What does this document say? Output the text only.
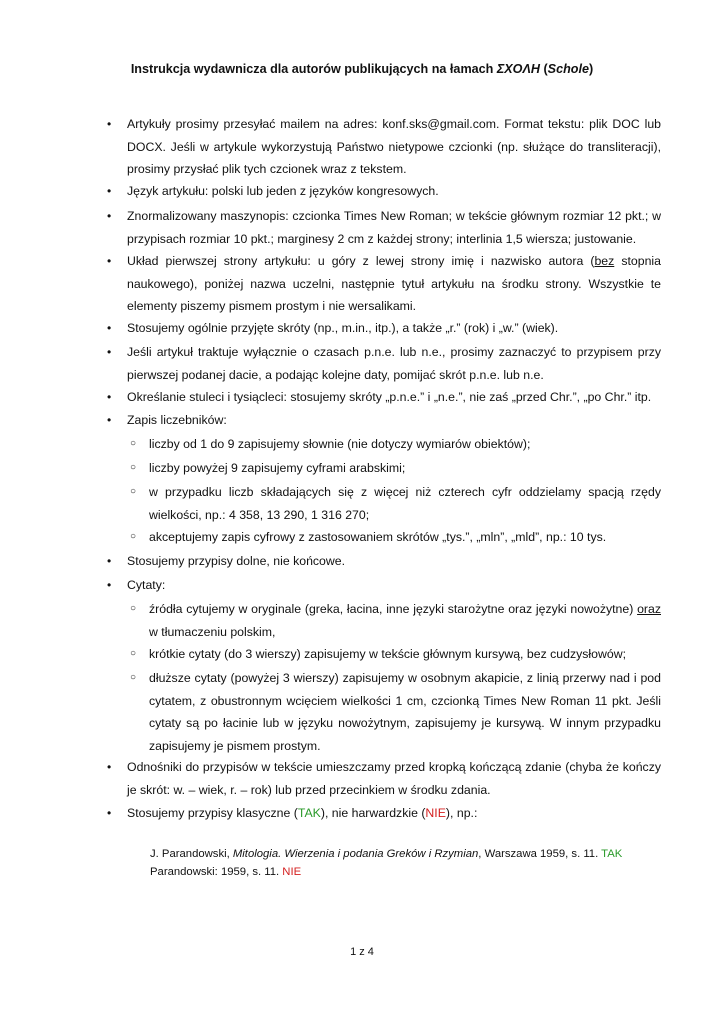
Instrukcja wydawnicza dla autorów publikujących na łamach ΣΧΟΛΗ (Schole)
• Artykuły prosimy przesyłać mailem na adres: konf.sks@gmail.com. Format tekstu: plik DOC lub DOCX. Jeśli w artykule wykorzystują Państwo nietypowe czcionki (np. służące do transliteracji), prosimy przysłać plik tych czcionek wraz z tekstem.
• Język artykułu: polski lub jeden z języków kongresowych.
• Znormalizowany maszynopis: czcionka Times New Roman; w tekście głównym rozmiar 12 pkt.; w przypisach rozmiar 10 pkt.; marginesy 2 cm z każdej strony; interlinia 1,5 wiersza; justowanie.
• Układ pierwszej strony artykułu: u góry z lewej strony imię i nazwisko autora (bez stopnia naukowego), poniżej nazwa uczelni, następnie tytuł artykułu na środku strony. Wszystkie te elementy piszemy pismem prostym i nie wersalikami.
• Stosujemy ogólnie przyjęte skróty (np., m.in., itp.), a także „r.” (rok) i „w.” (wiek).
• Jeśli artykuł traktuje wyłącznie o czasach p.n.e. lub n.e., prosimy zaznaczyć to przypisem przy pierwszej podanej dacie, a podając kolejne daty, pomijać skrót p.n.e. lub n.e.
• Określanie stuleci i tysiącleci: stosujemy skróty „p.n.e.” i „n.e.”, nie zaś „przed Chr.”, „po Chr.” itp.
• Zapis liczebników:
○ liczby od 1 do 9 zapisujemy słownie (nie dotyczy wymiarów obiektów);
○ liczby powyżej 9 zapisujemy cyframi arabskimi;
○ w przypadku liczb składających się z więcej niż czterech cyfr oddzielamy spacją rzędy wielkości, np.: 4 358, 13 290, 1 316 270;
○ akceptujemy zapis cyfrowy z zastosowaniem skrótów „tys.”, „mln”, „mld”, np.: 10 tys.
• Stosujemy przypisy dolne, nie końcowe.
• Cytaty:
○ źródła cytujemy w oryginale (greka, łacina, inne języki starożytne oraz języki nowożytne) oraz w tłumaczeniu polskim,
○ krótkie cytaty (do 3 wierszy) zapisujemy w tekście głównym kursywą, bez cudzysłowów;
○ dłuższe cytaty (powyżej 3 wierszy) zapisujemy w osobnym akapicie, z linią przerwy nad i pod cytatem, z obustronnym wcięciem wielkości 1 cm, czcionką Times New Roman 11 pkt. Jeśli cytaty są po łacinie lub w języku nowożytnym, zapisujemy je kursywą. W innym przypadku zapisujemy je pismem prostym.
• Odnośniki do przypisów w tekście umieszczamy przed kropką kończącą zdanie (chyba że kończy je skrót: w. – wiek, r. – rok) lub przed przecinkiem w środku zdania.
• Stosujemy przypisy klasyczne (TAK), nie harwardzkie (NIE), np.:
J. Parandowski, Mitologia. Wierzenia i podania Greków i Rzymian, Warszawa 1959, s. 11. TAK
Parandowski: 1959, s. 11. NIE
1 z 4
